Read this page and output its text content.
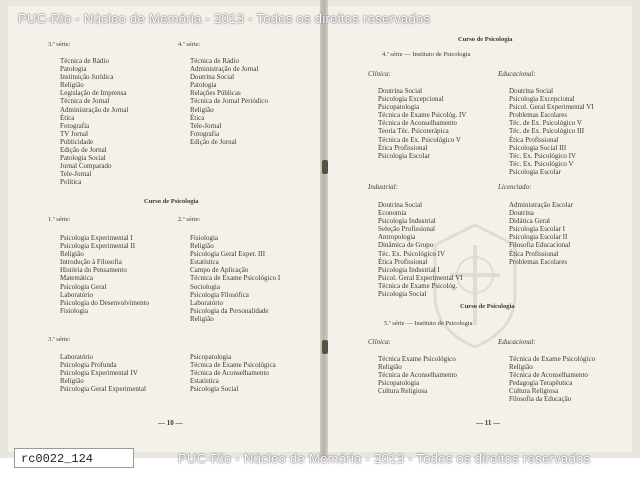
PUC-Rio - Núcleo de Memória - 2013 - Todos os direitos reservados
3.ª série:
Técnica de Rádio
Patologia
Instituição Jurídica
Religião
Legislação de Imprensa
Técnica de Jornal
Administração de Jornal
Ética
Fotografia
TV Jornal
Publicidade
Edição de Jornal
Patologia Social
Jornal Comparado
Tele-Jornal
Política
4.ª série:
Técnica de Rádio
Administração de Jornal
Doutrina Social
Patologia
Relações Públicas
Técnica de Jornal Periódico
Religião
Ética
Tele-Jornal
Fotografia
Edição de Jornal
Curso de Psicologia
1.ª série:
Psicologia Experimental I
Psicologia Experimental II
Religião
Introdução à Filosofia
História do Pensamento
Matemática
Psicologia Geral
Laboratório
Psicologia do Desenvolvimento
Fisiologia
2.ª série:
Fisiologia
Religião
Psicologia Geral Exper. III
Estatística
Campo de Aplicação
Técnica de Exame Psicológico I
Sociologia
Psicologia Filosófica
Laboratório
Psicologia da Personalidade
Religião
3.ª série:
Laboratório
Psicologia Profunda
Psicologia Experimental IV
Religião
Psicologia Geral Experimental
Psicopatologia
Técnica de Exame Psicológica
Técnica de Aconselhamento
Estatística
Psicologia Social
— 10 —
Curso de Psicologia
4.ª série — Instituto de Psicologia
Clínica:
Doutrina Social
Psicologia Excepcional
Psicopatologia
Técnica de Exame Psicológ. IV
Técnica de Aconselhamento
Teoria Téc. Psicoterápica
Técnica de Ex. Psicológico V
Ética Profissional
Psicologia Escolar
Educacional:
Doutrina Social
Psicologia Excepcional
Psicol. Geral Experimental VI
Problemas Escolares
Téc. de Ex. Psicológico V
Téc. de Ex. Psicológico III
Ética Profissional
Psicologia Social III
Téc. Ex. Psicológico IV
Téc. Ex. Psicológico V
Psicologia Escolar
Industrial:
Doutrina Social
Economia
Psicologia Industrial
Seleção Profissional
Antropologia
Dinâmica de Grupo
Téc. Ex. Psicológico IV
Ética Profissional
Psicologia Industrial I
Psicol. Geral Experimental VI
Técnica de Exame Psicológ.
Psicologia Social
Licenciado:
Administração Escolar
Doutrina
Didática Geral
Psicologia Escolar I
Psicologia Escolar II
Filosofia Educacional
Ética Profissional
Problemas Escolares
Curso de Psicologia
5.ª série — Instituto de Psicologia
Clínica:
Técnica Exame Psicológico
Religião
Técnica de Aconselhamento
Psicopatologia
Cultura Religiosa
Educacional:
Técnica de Exame Psicológico
Religião
Técnica de Aconselhamento
Pedagogia Terapêutica
Cultura Religiosa
Filosofia da Educação
— 11 —
PUC-Rio - Núcleo de Memória - 2013 - Todos os direitos reservados
rc0022_124
